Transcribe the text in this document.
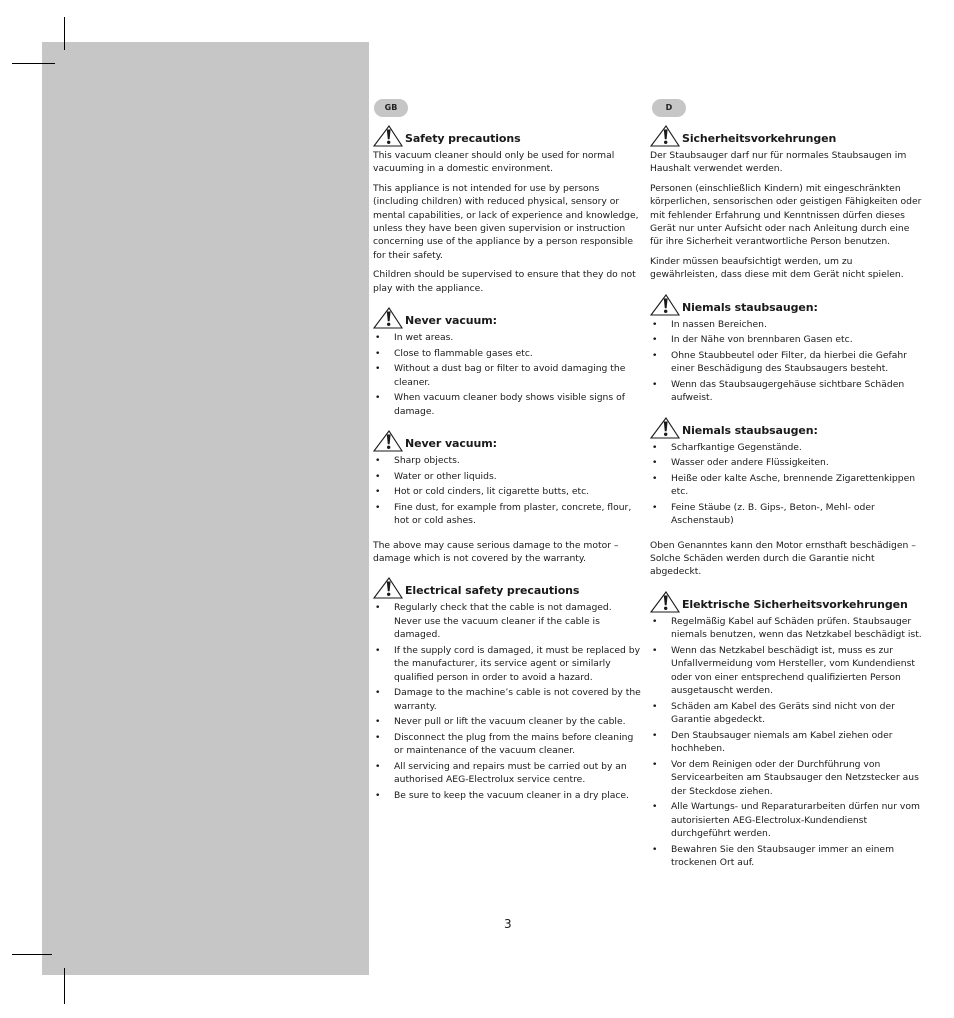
GB
Safety precautions

This vacuum cleaner should only be used for normal vacuuming in a domestic environment.

This appliance is not intended for use by persons (including children) with reduced physical, sensory or mental capabilities, or lack of experience and knowledge, unless they have been given supervision or instruction concerning use of the appliance by a person responsible for their safety.

Children should be supervised to ensure that they do not play with the appliance.

Never vacuum:
• In wet areas.
• Close to flammable gases etc.
• Without a dust bag or filter to avoid damaging the cleaner.
• When vacuum cleaner body shows visible signs of damage.
Never vacuum:
• Sharp objects.
• Water or other liquids.
• Hot or cold cinders, lit cigarette butts, etc.
• Fine dust, for example from plaster, concrete, flour, hot or cold ashes.

The above may cause serious damage to the motor – damage which is not covered by the warranty.

Electrical safety precautions
• Regularly check that the cable is not damaged. Never use the vacuum cleaner if the cable is damaged.
• If the supply cord is damaged, it must be replaced by the manufacturer, its service agent or similarly qualified person in order to avoid a hazard.
• Damage to the machine’s cable is not covered by the warranty.
• Never pull or lift the vacuum cleaner by the cable.
• Disconnect the plug from the mains before cleaning or maintenance of the vacuum cleaner.
• All servicing and repairs must be carried out by an authorised AEG-Electrolux service centre.
• Be sure to keep the vacuum cleaner in a dry place.
D
Sicherheitsvorkehrungen

Der Staubsauger darf nur für normales Staubsaugen im Haushalt verwendet werden.

Personen (einschließlich Kindern) mit eingeschränkten körperlichen, sensorischen oder geistigen Fähigkeiten oder mit fehlender Erfahrung und Kenntnissen dürfen dieses Gerät nur unter Aufsicht oder nach Anleitung durch eine für ihre Sicherheit verantwortliche Person benutzen.

Kinder müssen beaufsichtigt werden, um zu gewährleisten, dass diese mit dem Gerät nicht spielen.

Niemals staubsaugen:
• In nassen Bereichen.
• In der Nähe von brennbaren Gasen etc.
• Ohne Staubbeutel oder Filter, da hierbei die Gefahr einer Beschädigung des Staubsaugers besteht.
• Wenn das Staubsaugergehäuse sichtbare Schäden aufweist.
Niemals staubsaugen:
• Scharfkantige Gegenstände.
• Wasser oder andere Flüssigkeiten.
• Heiße oder kalte Asche, brennende Zigarettenkippen etc.
• Feine Stäube (z. B. Gips-, Beton-, Mehl- oder Aschenstaub)

Oben Genanntes kann den Motor ernsthaft beschädigen – Solche Schäden werden durch die Garantie nicht abgedeckt.

Elektrische Sicherheitsvorkehrungen
• Regelmäßig Kabel auf Schäden prüfen. Staubsauger niemals benutzen, wenn das Netzkabel beschädigt ist.
• Wenn das Netzkabel beschädigt ist, muss es zur Unfallvermeidung vom Hersteller, vom Kundendienst oder von einer entsprechend qualifizierten Person ausgetauscht werden.
• Schäden am Kabel des Geräts sind nicht von der Garantie abgedeckt.
• Den Staubsauger niemals am Kabel ziehen oder hochheben.
• Vor dem Reinigen oder der Durchführung von Servicearbeiten am Staubsauger den Netzstecker aus der Steckdose ziehen.
• Alle Wartungs- und Reparaturarbeiten dürfen nur vom autorisierten AEG-Electrolux-Kundendienst durchgeführt werden.
• Bewahren Sie den Staubsauger immer an einem trockenen Ort auf.
3
